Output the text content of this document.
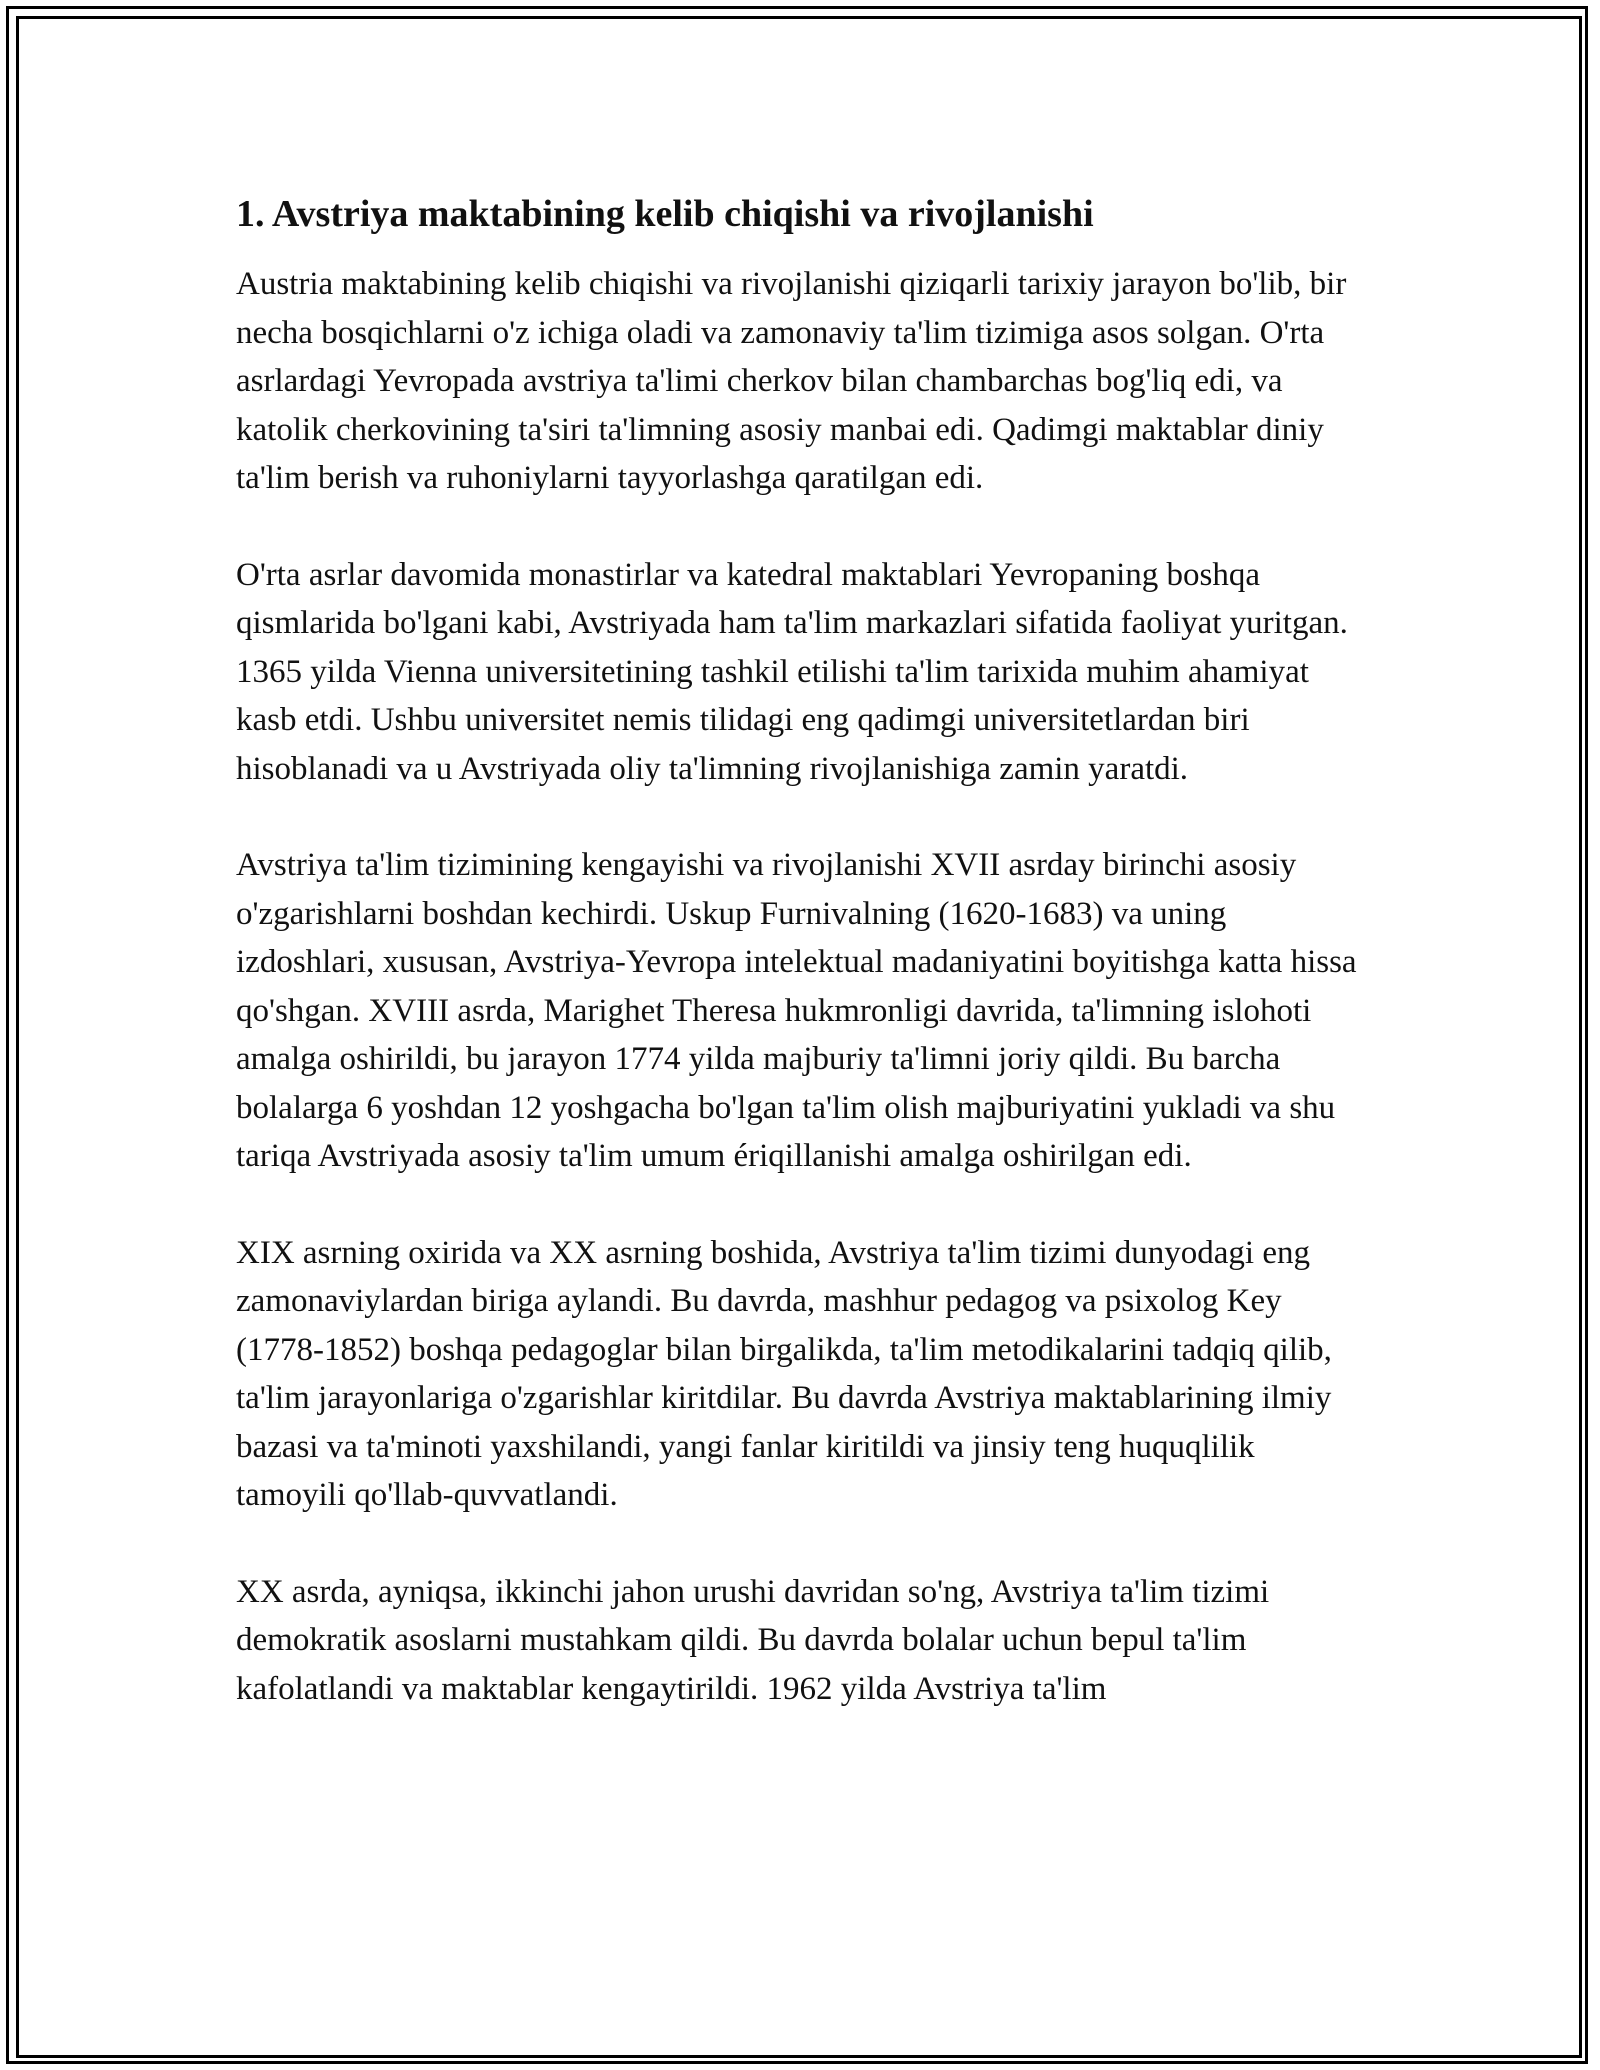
1. Avstriya maktabining kelib chiqishi va rivojlanishi

Austria maktabining kelib chiqishi va rivojlanishi qiziqarli tarixiy jarayon bo'lib, bir necha bosqichlarni o'z ichiga oladi va zamonaviy ta'lim tizimiga asos solgan. O'rta asrlardagi Yevropada avstriya ta'limi cherkov bilan chambarchas bog'liq edi, va katolik cherkovining ta'siri ta'limning asosiy manbai edi. Qadimgi maktablar diniy ta'lim berish va ruhoniylarni tayyorlashga qaratilgan edi.

O'rta asrlar davomida monastirlar va katedral maktablari Yevropaning boshqa qismlarida bo'lgani kabi, Avstriyada ham ta'lim markazlari sifatida faoliyat yuritgan. 1365 yilda Vienna universitetining tashkil etilishi ta'lim tarixida muhim ahamiyat kasb etdi. Ushbu universitet nemis tilidagi eng qadimgi universitetlardan biri hisoblanadi va u Avstriyada oliy ta'limning rivojlanishiga zamin yaratdi.

Avstriya ta'lim tizimining kengayishi va rivojlanishi XVII asrday birinchi asosiy o'zgarishlarni boshdan kechirdi. Uskup Furnivalning (1620-1683) va uning izdoshlari, xususan, Avstriya-Yevropa intelektual madaniyatini boyitishga katta hissa qo'shgan. XVIII asrda, Marighet Theresa hukmronligi davrida, ta'limning islohoti amalga oshirildi, bu jarayon 1774 yilda majburiy ta'limni joriy qildi. Bu barcha bolalarga 6 yoshdan 12 yoshgacha bo'lgan ta'lim olish majburiyatini yukladi va shu tariqa Avstriyada asosiy ta'lim umum ériqillanishi amalga oshirilgan edi.

XIX asrning oxirida va XX asrning boshida, Avstriya ta'lim tizimi dunyodagi eng zamonaviylardan biriga aylandi. Bu davrda, mashhur pedagog va psixolog Key (1778-1852) boshqa pedagoglar bilan birgalikda, ta'lim metodikalarini tadqiq qilib, ta'lim jarayonlariga o'zgarishlar kiritdilar. Bu davrda Avstriya maktablarining ilmiy bazasi va ta'minoti yaxshilandi, yangi fanlar kiritildi va jinsiy teng huquqlilik tamoyili qo'llab-quvvatlandi.

XX asrda, ayniqsa, ikkinchi jahon urushi davridan so'ng, Avstriya ta'lim tizimi demokratik asoslarni mustahkam qildi. Bu davrda bolalar uchun bepul ta'lim kafolatlandi va maktablar kengaytirildi. 1962 yilda Avstriya ta'lim
